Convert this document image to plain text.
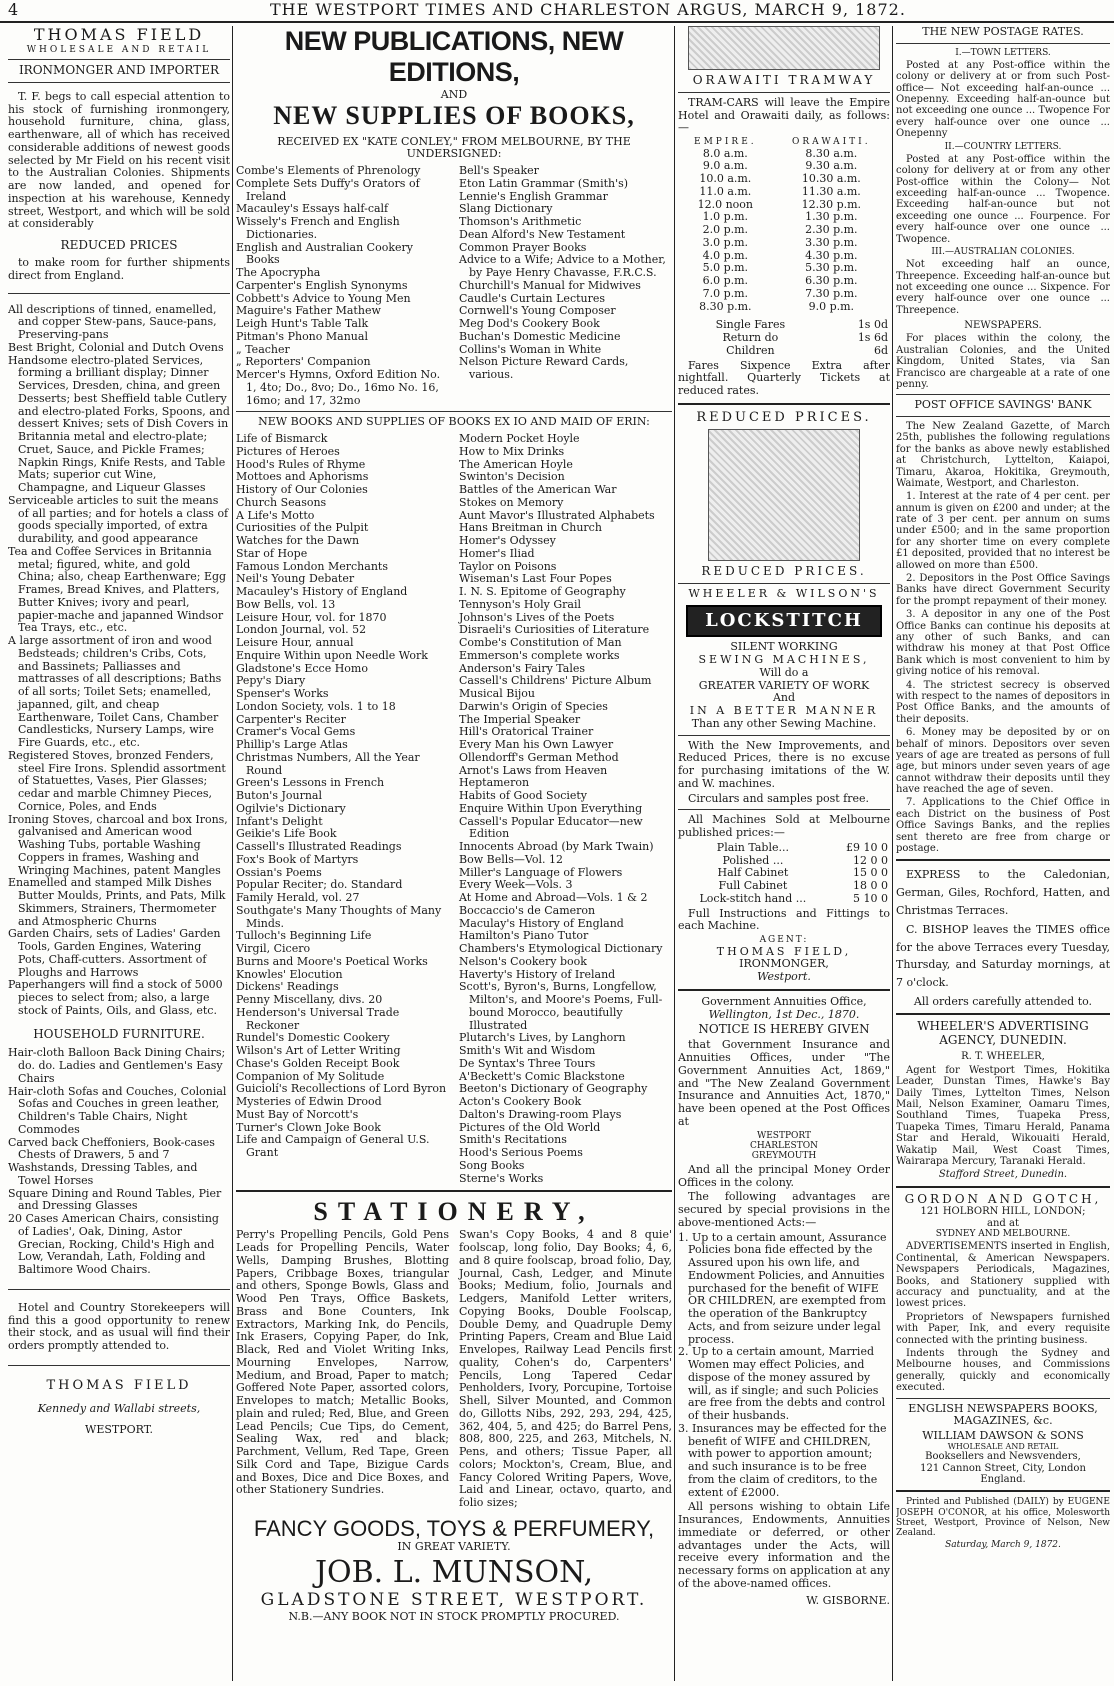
4	THE WESTPORT TIMES AND CHARLESTON ARGUS, MARCH 9, 1872.
THOMAS FIELD
WHOLESALE AND RETAIL
IRONMONGER AND IMPORTER

T. F. begs to call especial attention to his stock of furnishing ironmongery, household furniture, china, glass, earthenware, all of which has received considerable additions of newest goods selected by Mr Field on his recent visit to the Australian Colonies. Shipments are now landed, and opened for inspection at his warehouse, Kennedy street, Westport, and which will be sold at considerably

REDUCED PRICES

to make room for further shipments direct from England.

All descriptions of tinned, enamelled, and copper Stew-pans, Sauce-pans, Preserving-pans
Best Bright, Colonial and Dutch Ovens
Handsome electro-plated Services, forming a brilliant display; Dinner Services, Dresden, china, and green Desserts; best Sheffield table Cutlery and electro-plated Forks, Spoons, and dessert Knives; sets of Dish Covers in Britannia metal and electro-plate; Cruet, Sauce, and Pickle Frames; Napkin Rings, Knife Rests, and Table Mats; superior cut Wine, Champagne, and Liqueur Glasses
Serviceable articles to suit the means of all parties; and for hotels a class of goods specially imported, of extra durability, and good appearance
Tea and Coffee Services in Britannia metal; figured, white, and gold China; also, cheap Earthenware; Egg Frames, Bread Knives, and Platters, Butter Knives; ivory and pearl, papier-mache and japanned Windsor Tea Trays, etc., etc.
A large assortment of iron and wood Bedsteads; children's Cribs, Cots, and Bassinets; Palliasses and mattrasses of all descriptions; Baths of all sorts; Toilet Sets; enamelled, japanned, gilt, and cheap Earthenware, Toilet Cans, Chamber Candlesticks, Nursery Lamps, wire Fire Guards, etc., etc.
Registered Stoves, bronzed Fenders, steel Fire Irons. Splendid assortment of Statuettes, Vases, Pier Glasses; cedar and marble Chimney Pieces, Cornice, Poles, and Ends
Ironing Stoves, charcoal and box Irons, galvanised and American wood Washing Tubs, portable Washing Coppers in frames, Washing and Wringing Machines, patent Mangles
Enamelled and stamped Milk Dishes Butter Moulds, Prints, and Pats, Milk Skimmers, Strainers, Thermometer and Atmospheric Churns
Garden Chairs, sets of Ladies' Garden Tools, Garden Engines, Watering Pots, Chaff-cutters. Assortment of Ploughs and Harrows
Paperhangers will find a stock of 5000 pieces to select from; also, a large stock of Paints, Oils, and Glass, etc.
HOUSEHOLD FURNITURE.
Hair-cloth Balloon Back Dining Chairs; do. do. Ladies and Gentlemen's Easy Chairs
Hair-cloth Sofas and Couches, Colonial Sofas and Couches in green leather, Children's Table Chairs, Night Commodes
Carved back Cheffoniers, Book-cases Chests of Drawers, 5 and 7
Washstands, Dressing Tables, and Towel Horses
Square Dining and Round Tables, Pier and Dressing Glasses
20 Cases American Chairs, consisting of Ladies', Oak, Dining, Astor Grecian, Rocking, Child's High and Low, Verandah, Lath, Folding and Baltimore Wood Chairs.

Hotel and Country Storekeepers will find this a good opportunity to renew their stock, and as usual will find their orders promptly attended to.

THOMAS FIELD
Kennedy and Wallabi streets,
WESTPORT.
NEW PUBLICATIONS, NEW EDITIONS,
AND
NEW SUPPLIES OF BOOKS,
RECEIVED EX "KATE CONLEY," FROM MELBOURNE, BY THE UNDERSIGNED:
Combe's Elements of Phrenology
Complete Sets Duffy's Orators of Ireland
Macauley's Essays half-calf
Wissely's French and English Dictionaries.
English and Australian Cookery Books
The Apocrypha
Carpenter's English Synonyms
Cobbett's Advice to Young Men
Maguire's Father Mathew
Leigh Hunt's Table Talk
Pitman's Phono Manual
„ Teacher
„ Reporters' Companion
Mercer's Hymns, Oxford Edition No. 1, 4to; Do., 8vo; Do., 16mo No. 16, 16mo; and 17, 32mo
Bell's Speaker
Eton Latin Grammar (Smith's)
Lennie's English Grammar
Slang Dictionary
Thomson's Arithmetic
Dean Alford's New Testament
Common Prayer Books
Advice to a Wife; Advice to a Mother, by Paye Henry Chavasse, F.R.C.S.
Churchill's Manual for Midwives
Caudle's Curtain Lectures
Cornwell's Young Composer
Meg Dod's Cookery Book
Buchan's Domestic Medicine
Collins's Woman in White
Nelson Picture Reward Cards, various.
NEW BOOKS AND SUPPLIES OF BOOKS EX IO AND MAID OF ERIN:
Life of Bismarck
Pictures of Heroes
Hood's Rules of Rhyme
Mottoes and Aphorisms
History of Our Colonies
Church Seasons
A Life's Motto
Curiosities of the Pulpit
Watches for the Dawn
Star of Hope
Famous London Merchants
Neil's Young Debater
Macauley's History of England
Bow Bells, vol. 13
Leisure Hour, vol. for 1870
London Journal, vol. 52
Leisure Hour, annual
Enquire Within upon Needle Work
Gladstone's Ecce Homo
Pepy's Diary
Spenser's Works
London Society, vols. 1 to 18
Carpenter's Reciter
Cramer's Vocal Gems
Phillip's Large Atlas
Christmas Numbers, All the Year Round
Green's Lessons in French
Buton's Journal
Ogilvie's Dictionary
Infant's Delight
Geikie's Life Book
Cassell's Illustrated Readings
Fox's Book of Martyrs
Ossian's Poems
Popular Reciter; do. Standard
Family Herald, vol. 27
Southgate's Many Thoughts of Many Minds.
Tulloch's Beginning Life
Virgil, Cicero
Burns and Moore's Poetical Works
Knowles' Elocution
Dickens' Readings
Penny Miscellany, divs. 20
Henderson's Universal Trade Reckoner
Rundel's Domestic Cookery
Wilson's Art of Letter Writing
Chase's Golden Receipt Book
Companion of My Solitude
Guiciolí's Recollections of Lord Byron
Mysteries of Edwin Drood
Must Bay of Norcott's
Turner's Clown Joke Book
Life and Campaign of General U.S. Grant
Modern Pocket Hoyle
How to Mix Drinks
The American Hoyle
Swinton's Decision
Battles of the American War
Stokes on Memory
Aunt Mavor's Illustrated Alphabets
Hans Breitman in Church
Homer's Odyssey
Homer's Iliad
Taylor on Poisons
Wiseman's Last Four Popes
I. N. S. Epitome of Geography
Tennyson's Holy Grail
Johnson's Lives of the Poets
Disraeli's Curiosities of Literature
Combe's Constitution of Man
Emmerson's complete works
Anderson's Fairy Tales
Cassell's Childrens' Picture Album
Musical Bijou
Darwin's Origin of Species
The Imperial Speaker
Hill's Oratorical Trainer
Every Man his Own Lawyer
Ollendorff's German Method
Arnot's Laws from Heaven
Heptameron
Habits of Good Society
Enquire Within Upon Everything
Cassell's Popular Educator—new Edition
Innocents Abroad (by Mark Twain)
Bow Bells—Vol. 12
Miller's Language of Flowers
Every Week—Vols. 3
At Home and Abroad—Vols. 1 & 2
Boccaccio's de Cameron
Maculay's History of England
Hamilton's Piano Tutor
Chambers's Etymological Dictionary
Nelson's Cookery book
Haverty's History of Ireland
Scott's, Byron's, Burns, Longfellow, Milton's, and Moore's Poems, Full-bound Morocco, beautifully Illustrated
Plutarch's Lives, by Langhorn
Smith's Wit and Wisdom
De Syntax's Three Tours
A'Beckett's Comic Blackstone
Beeton's Dictionary of Geography
Acton's Cookery Book
Dalton's Drawing-room Plays
Pictures of the Old World
Smith's Recitations
Hood's Serious Poems
Song Books
Sterne's Works
STATIONERY,
Perry's Propelling Pencils, Gold Pens Leads for Propelling Pencils, Water Wells, Damping Brushes, Blotting Papers, Cribbage Boxes, triangular and others, Sponge Bowls, Glass and Wood Pen Trays, Office Baskets, Brass and Bone Counters, Ink Extractors, Marking Ink, do Pencils, Ink Erasers, Copying Paper, do Ink, Black, Red and Violet Writing Inks, Mourning Envelopes, Narrow, Medium, and Broad, Paper to match; Goffered Note Paper, assorted colors, Envelopes to match; Metallic Books, plain and ruled; Red, Blue, and Green Lead Pencils; Cue Tips, do Cement, Sealing Wax, red and black; Parchment, Vellum, Red Tape, Green Silk Cord and Tape, Bizigue Cards and Boxes, Dice and Dice Boxes, and other Stationery Sundries.
Swan's Copy Books, 4 and 8 quie' foolscap, long folio, Day Books; 4, 6, and 8 quire foolscap, broad folio, Day, Journal, Cash, Ledger, and Minute Books; Medium, folio, Journals and Ledgers, Manifold Letter writers, Copying Books, Double Foolscap, Double Demy, and Quadruple Demy Printing Papers, Cream and Blue Laid Envelopes, Railway Lead Pencils first quality, Cohen's do, Carpenters' Pencils, Long Tapered Cedar Penholders, Ivory, Porcupine, Tortoise Shell, Silver Mounted, and Common do, Gillotts Nibs, 292, 293, 294, 425, 362, 404, 5, and 425; do Barrel Pens, 808, 800, 225, and 263, Mitchels, N. Pens, and others; Tissue Paper, all colors; Mockton's, Cream, Blue, and Fancy Colored Writing Papers, Wove, Laid and Linear, octavo, quarto, and folio sizes;
FANCY GOODS, TOYS & PERFUMERY,
IN GREAT VARIETY.
JOB. L. MUNSON,
GLADSTONE STREET, WESTPORT.
N.B.—ANY BOOK NOT IN STOCK PROMPTLY PROCURED.
ORAWAITI TRAMWAY

TRAM-CARS will leave the Empire Hotel and Orawaiti daily, as follows:—

EMPIRE.	ORAWAITI.
8.0 a.m.	8.30 a.m.
9.0 a.m.	9.30 a.m.
10.0 a.m.	10.30 a.m.
11.0 a.m.	11.30 a.m.
12.0 noon	12.30 p.m.
1.0 p.m.	1.30 p.m.
2.0 p.m.	2.30 p.m.
3.0 p.m.	3.30 p.m.
4.0 p.m.	4.30 p.m.
5.0 p.m.	5.30 p.m.
6.0 p.m.	6.30 p.m.
7.0 p.m.	7.30 p.m.
8.30 p.m.	9.0 p.m.
Single Fares	1s 0d
Return do	1s 6d
Children	6d

Fares Sixpence Extra after nightfall. Quarterly Tickets at reduced rates.

REDUCED PRICES.
REDUCED PRICES.
WHEELER & WILSON'S
LOCKSTITCH
SILENT WORKING
SEWING MACHINES,
Will do a
GREATER VARIETY OF WORK
And
IN A BETTER MANNER
Than any other Sewing Machine.

With the New Improvements, and Reduced Prices, there is no excuse for purchasing imitations of the W. and W. machines.

Circulars and samples post free.

All Machines Sold at Melbourne published prices:—

Plain Table...	£9 10 0
Polished ...	12 0 0
Half Cabinet	15 0 0
Full Cabinet	18 0 0
Lock-stitch hand ...	5 10 0

Full Instructions and Fittings to each Machine.

AGENT:
THOMAS FIELD,
IRONMONGER,
Westport.
Government Annuities Office,
Wellington, 1st Dec., 1870.
NOTICE IS HEREBY GIVEN

that Government Insurance and Annuities Offices, under "The Government Annuities Act, 1869," and "The New Zealand Government Insurance and Annuities Act, 1870," have been opened at the Post Offices at

WESTPORT
CHARLESTON
GREYMOUTH

And all the principal Money Order Offices in the colony.

The following advantages are secured by special provisions in the above-mentioned Acts:—

1. Up to a certain amount, Assurance Policies bona fide effected by the Assured upon his own life, and Endowment Policies, and Annuities purchased for the benefit of WIFE OR CHILDREN, are exempted from the operation of the Bankruptcy Acts, and from seizure under legal process.
2. Up to a certain amount, Married Women may effect Policies, and dispose of the money assured by will, as if single; and such Policies are free from the debts and control of their husbands.
3. Insurances may be effected for the benefit of WIFE and CHILDREN, with power to apportion amount; and such insurance is to be free from the claim of creditors, to the extent of £2000.

All persons wishing to obtain Life Insurances, Endowments, Annuities immediate or deferred, or other advantages under the Acts, will receive every information and the necessary forms on application at any of the above-named offices.

W. GISBORNE.
THE NEW POSTAGE RATES.
I.—TOWN LETTERS.

Posted at any Post-office within the colony or delivery at or from such Post-office— Not exceeding half-an-ounce ... Onepenny. Exceeding half-an-ounce but not exceeding one ounce ... Twopence For every half-ounce over one ounce ... Onepenny

II.—COUNTRY LETTERS.

Posted at any Post-office within the colony for delivery at or from any other Post-office within the Colony— Not exceeding half-an-ounce ... Twopence. Exceeding half-an-ounce but not exceeding one ounce ... Fourpence. For every half-ounce over one ounce ... Twopence.

III.—AUSTRALIAN COLONIES.

Not exceeding half an ounce, Threepence. Exceeding half-an-ounce but not exceeding one ounce ... Sixpence. For every half-ounce over one ounce ... Threepence.

NEWSPAPERS.

For places within the colony, the Australian Colonies, and the United Kingdom, United States, via San Francisco are chargeable at a rate of one penny.

POST OFFICE SAVINGS' BANK

The New Zealand Gazette, of March 25th, publishes the following regulations for the banks as above newly established at Christchurch, Lyttelton, Kaiapoi, Timaru, Akaroa, Hokitika, Greymouth, Waimate, Westport, and Charleston.

1. Interest at the rate of 4 per cent. per annum is given on £200 and under; at the rate of 3 per cent. per annum on sums under £500; and in the same proportion for any shorter time on every complete £1 deposited, provided that no interest be allowed on more than £500.

2. Depositors in the Post Office Savings Banks have direct Government Security for the prompt repayment of their money.

3. A depositor in any one of the Post Office Banks can continue his deposits at any other of such Banks, and can withdraw his money at that Post Office Bank which is most convenient to him by giving notice of his removal.

4. The strictest secrecy is observed with respect to the names of depositors in Post Office Banks, and the amounts of their deposits.

6. Money may be deposited by or on behalf of minors. Depositors over seven years of age are treated as persons of full age, but minors under seven years of age cannot withdraw their deposits until they have reached the age of seven.

7. Applications to the Chief Office in each District on the business of Post Office Savings Banks, and the replies sent thereto are free from charge or postage.

EXPRESS to the Caledonian, German, Giles, Rochford, Hatten, and Christmas Terraces.

C. BISHOP leaves the TIMES office for the above Terraces every Tuesday, Thursday, and Saturday mornings, at 7 o'clock.

All orders carefully attended to.
WHEELER'S ADVERTISING AGENCY, DUNEDIN.
R. T. WHEELER,

Agent for Westport Times, Hokitika Leader, Dunstan Times, Hawke's Bay Daily Times, Lyttelton Times, Nelson Mail, Nelson Examiner, Oamaru Times, Southland Times, Tuapeka Press, Tuapeka Times, Timaru Herald, Panama Star and Herald, Wikouaiti Herald, Wakatip Mail, West Coast Times, Wairarapa Mercury, Taranaki Herald.

Stafford Street, Dunedin.
GORDON AND GOTCH,
121 HOLBORN HILL, LONDON;
and at
SYDNEY AND MELBOURNE.

ADVERTISEMENTS inserted in English, Continental, & American Newspapers. Newspapers Periodicals, Magazines, Books, and Stationery supplied with accuracy and punctuality, and at the lowest prices.

Proprietors of Newspapers furnished with Paper, Ink, and every requisite connected with the printing business.

Indents through the Sydney and Melbourne houses, and Commissions generally, quickly and economically executed.

ENGLISH NEWSPAPERS BOOKS, MAGAZINES, &c.
WILLIAM DAWSON & SONS
WHOLESALE AND RETAIL
Booksellers and Newsvenders,
121 Cannon Street, City, London England.

Printed and Published (DAILY) by EUGENE JOSEPH O'CONOR, at his office, Molesworth Street, Westport, Province of Nelson, New Zealand.

Saturday, March 9, 1872.
